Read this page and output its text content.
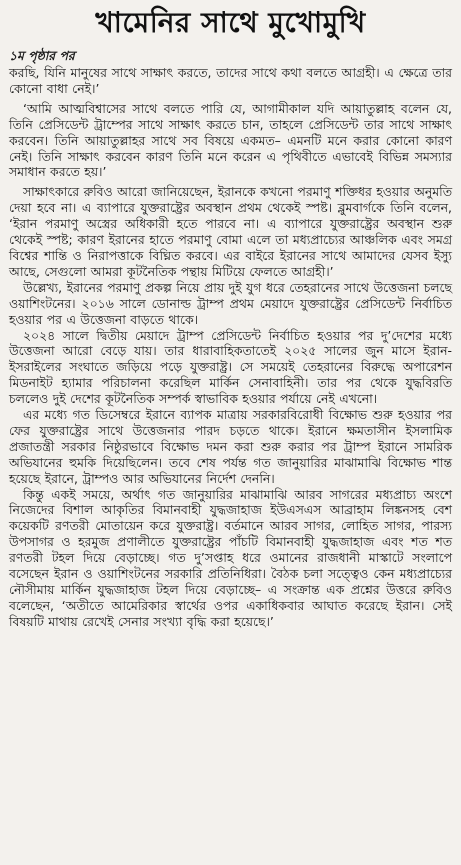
খামেনির সাথে মুখোমুখি
১ম পৃষ্ঠার পর

করছি, যিনি মানুষের সাথে সাক্ষাৎ করতে, তাদের সাথে কথা বলতে আগ্রহী। এ ক্ষেত্রে তার কোনো বাধা নেই।’

‘আমি আত্মবিশ্বাসের সাথে বলতে পারি যে, আগামীকাল যদি আয়াতুল্লাহ বলেন যে, তিনি প্রেসিডেন্ট ট্রাম্পের সাথে সাক্ষাৎ করতে চান, তাহলে প্রেসিডেন্ট তার সাথে সাক্ষাৎ করবেন। তিনি আয়াতুল্লাহর সাথে সব বিষয়ে একমত– এমনটি মনে করার কোনো কারণ নেই। তিনি সাক্ষাৎ করবেন কারণ তিনি মনে করেন এ পৃথিবীতে এভাবেই বিভিন্ন সমস্যার সমাধান করতে হয়।’

সাক্ষাৎকারে রুবিও আরো জানিয়েছেন, ইরানকে কখনো পরমাণু শক্তিধর হওয়ার অনুমতি দেয়া হবে না। এ ব্যাপারে যুক্তরাষ্ট্রের অবস্থান প্রথম থেকেই স্পষ্ট। ব্লুমবার্গকে তিনি বলেন, ‘ইরান পরমাণু অস্ত্রের অধিকারী হতে পারবে না। এ ব্যাপারে যুক্তরাষ্ট্রের অবস্থান শুরু থেকেই স্পষ্ট; কারণ ইরানের হাতে পরমাণু বোমা এলে তা মধ্যপ্রাচ্যের আঞ্চলিক এবং সমগ্র বিশ্বের শান্তি ও নিরাপত্তাকে বিঘ্নিত করবে। এর বাইরে ইরানের সাথে আমাদের যেসব ইস্যু আছে, সেগুলো আমরা কূটনৈতিক পন্থায় মিটিয়ে ফেলতে আগ্রহী।’

উল্লেখ্য, ইরানের পরমাণু প্রকল্প নিয়ে প্রায় দুই যুগ ধরে তেহরানের সাথে উত্তেজনা চলছে ওয়াশিংটনের। ২০১৬ সালে ডোনাল্ড ট্রাম্প প্রথম মেয়াদে যুক্তরাষ্ট্রের প্রেসিডেন্ট নির্বাচিত হওয়ার পর এ উত্তেজনা বাড়তে থাকে।

২০২৪ সালে দ্বিতীয় মেয়াদে ট্রাম্প প্রেসিডেন্ট নির্বাচিত হওয়ার পর দু’দেশের মধ্যে উত্তেজনা আরো বেড়ে যায়। তার ধারাবাহিকতাতেই ২০২৫ সালের জুন মাসে ইরান-ইসরাইলের সংঘাতে জড়িয়ে পড়ে যুক্তরাষ্ট্র। সে সময়েই তেহরানের বিরুদ্ধে অপারেশন মিডনাইট হ্যামার পরিচালনা করেছিল মার্কিন সেনাবাহিনী। তার পর থেকে যুদ্ধবিরতি চললেও দুই দেশের কূটনৈতিক সম্পর্ক স্বাভাবিক হওয়ার পর্যায়ে নেই এখনো।

এর মধ্যে গত ডিসেম্বরে ইরানে ব্যাপক মাত্রায় সরকারবিরোধী বিক্ষোভ শুরু হওয়ার পর ফের যুক্তরাষ্ট্রের সাথে উত্তেজনার পারদ চড়তে থাকে। ইরানে ক্ষমতাসীন ইসলামিক প্রজাতন্ত্রী সরকার নিষ্ঠুরভাবে বিক্ষোভ দমন করা শুরু করার পর ট্রাম্প ইরানে সামরিক অভিযানের হুমকি দিয়েছিলেন। তবে শেষ পর্যন্ত গত জানুয়ারির মাঝামাঝি বিক্ষোভ শান্ত হয়েছে ইরানে, ট্রাম্পও আর অভিযানের নির্দেশ দেননি।

কিন্তু একই সময়ে, অর্থাৎ গত জানুয়ারির মাঝামাঝি আরব সাগরের মধ্যপ্রাচ্য অংশে নিজেদের বিশাল আকৃতির বিমানবাহী যুদ্ধজাহাজ ইউএসএস আব্রাহাম লিঙ্কনসহ বেশ কয়েকটি রণতরী মোতায়েন করে যুক্তরাষ্ট্র। বর্তমানে আরব সাগর, লোহিত সাগর, পারস্য উপসাগর ও হরমুজ প্রণালীতে যুক্তরাষ্ট্রের পাঁচটি বিমানবাহী যুদ্ধজাহাজ এবং শত শত রণতরী টহল দিয়ে বেড়াচ্ছে। গত দু’সপ্তাহ ধরে ওমানের রাজধানী মাস্কাটে সংলাপে বসেছেন ইরান ও ওয়াশিংটনের সরকারি প্রতিনিধিরা। বৈঠক চলা সত্ত্বেও কেন মধ্যপ্রাচ্যের নৌসীমায় মার্কিন যুদ্ধজাহাজ টহল দিয়ে বেড়াচ্ছে– এ সংক্রান্ত এক প্রশ্নের উত্তরে রুবিও বলেছেন, ‘অতীতে আমেরিকার স্বার্থের ওপর একাধিকবার আঘাত করেছে ইরান। সেই বিষয়টি মাথায় রেখেই সেনার সংখ্যা বৃদ্ধি করা হয়েছে।’
